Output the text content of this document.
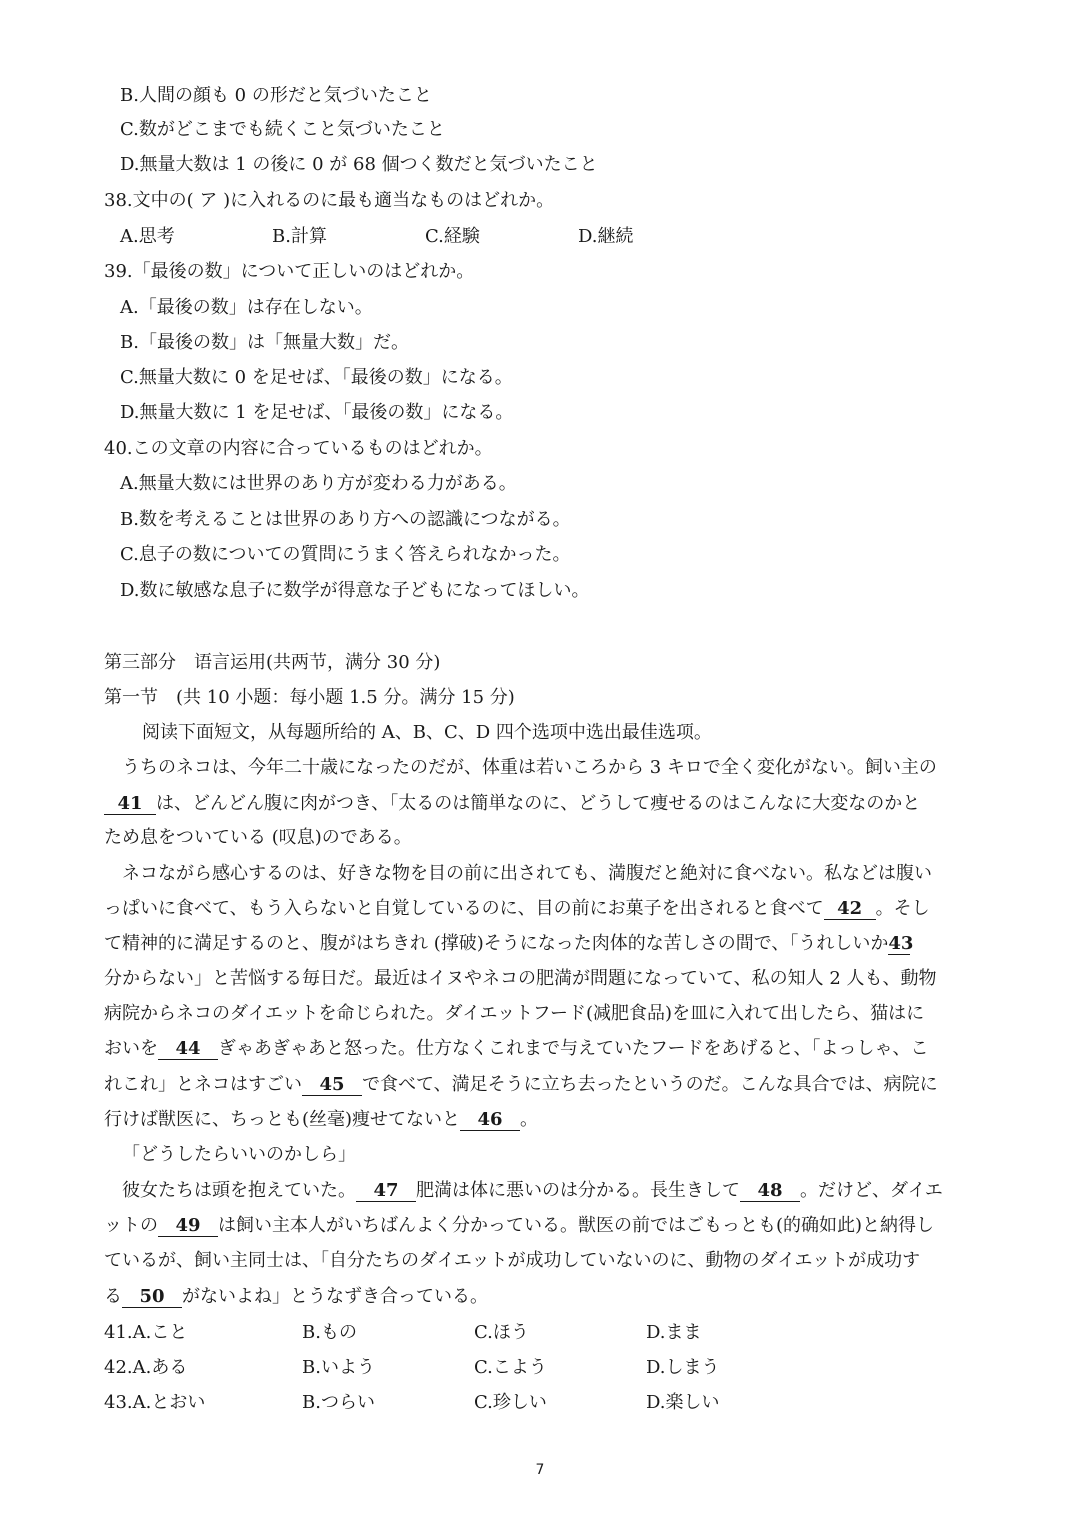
B.人間の顔も 0 の形だと気づいたこと
C.数がどこまでも続くこと気づいたこと
D.無量大数は 1 の後に 0 が 68 個つく数だと気づいたこと
38.文中の( ア )に入れるのに最も適当なものはどれか。
A.思考	B.計算	C.経験	D.継続
39.「最後の数」について正しいのはどれか。
A.「最後の数」は存在しない。
B.「最後の数」は「無量大数」だ。
C.無量大数に 0 を足せば、「最後の数」になる。
D.無量大数に 1 を足せば、「最後の数」になる。
40.この文章の内容に合っているものはどれか。
A.無量大数には世界のあり方が変わる力がある。
B.数を考えることは世界のあり方への認識につながる。
C.息子の数についての質問にうまく答えられなかった。
D.数に敏感な息子に数学が得意な子どもになってほしい。
第三部分　语言运用(共两节，满分 30 分)
第一节　(共 10 小题：每小题 1.5 分。满分 15 分)
阅读下面短文，从每题所给的 A、B、C、D 四个选项中选出最佳选项。
うちのネコは、今年二十歳になったのだが、体重は若いころから 3 キロで全く変化がない。飼い主の
41 は、どんどん腹に肉がつき、「太るのは簡単なのに、どうして痩せるのはこんなに大変なのかと
ため息をついている (叹息)のである。
ネコながら感心するのは、好きな物を目の前に出されても、満腹だと絶対に食べない。私などは腹い
っぱいに食べて、もう入らないと自覚しているのに、目の前にお菓子を出されると食べて 42 。そし
て精神的に満足するのと、腹がはちきれ (撑破)そうになった肉体的な苦しさの間で、「うれしいか43
分からない」と苦悩する毎日だ。最近はイヌやネコの肥満が問題になっていて、私の知人 2 人も、動物
病院からネコのダイエットを命じられた。ダイエットフード(减肥食品)を皿に入れて出したら、猫はに
おいを 44 ぎゃあぎゃあと怒った。仕方なくこれまで与えていたフードをあげると、「よっしゃ、こ
れこれ」とネコはすごい 45 で食べて、満足そうに立ち去ったというのだ。こんな具合では、病院に
行けば獣医に、ちっとも(丝毫)痩せてないと 46 。
「どうしたらいいのかしら」
彼女たちは頭を抱えていた。 47 肥満は体に悪いのは分かる。長生きして 48 。だけど、ダイエ
ットの 49 は飼い主本人がいちばんよく分かっている。獣医の前ではごもっとも(的确如此)と納得し
ているが、飼い主同士は、「自分たちのダイエットが成功していないのに、動物のダイエットが成功す
る 50 がないよね」とうなずき合っている。
41.A.こと	B.もの	C.ほう	D.まま
42.A.ある	B.いよう	C.こよう	D.しまう
43.A.とおい	B.つらい	C.珍しい	D.楽しい
7
